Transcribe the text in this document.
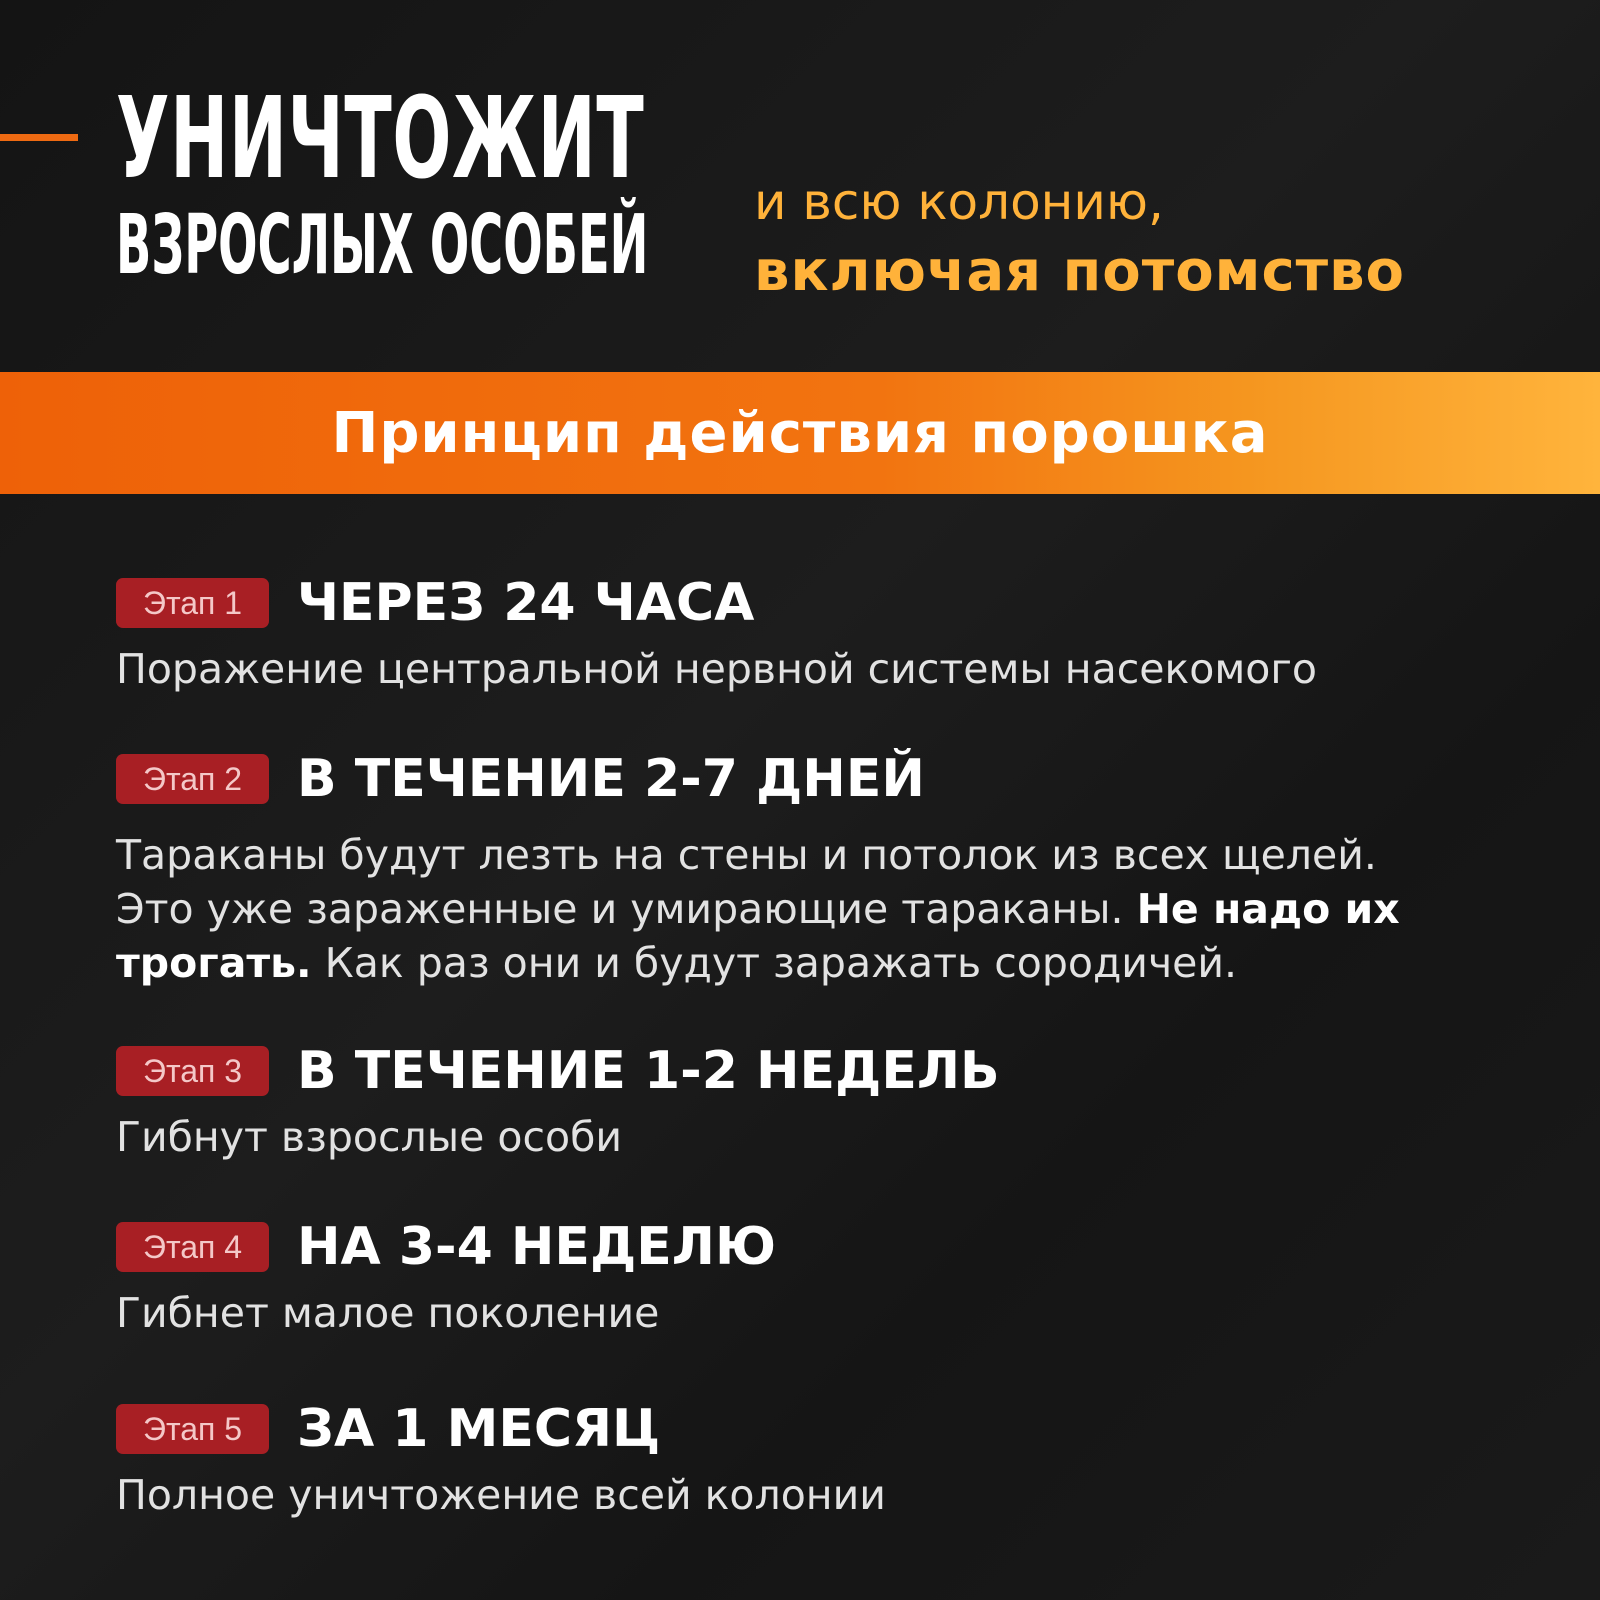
УНИЧТОЖИТ
ВЗРОСЛЫХ ОСОБЕЙ и всю колонию,
включая потомство
Принцип действия порошка
Этап 1	ЧЕРЕЗ 24 ЧАСА
Поражение центральной нервной системы насекомого
Этап 2	В ТЕЧЕНИЕ 2-7 ДНЕЙ
Тараканы будут лезть на стены и потолок из всех щелей.
Это уже зараженные и умирающие тараканы. Не надо их
трогать. Как раз они и будут заражать сородичей.
Этап 3	В ТЕЧЕНИЕ 1-2 НЕДЕЛЬ
Гибнут взрослые особи
Этап 4	НА 3-4 НЕДЕЛЮ
Гибнет малое поколение
Этап 5	ЗА 1 МЕСЯЦ
Полное уничтожение всей колонии
